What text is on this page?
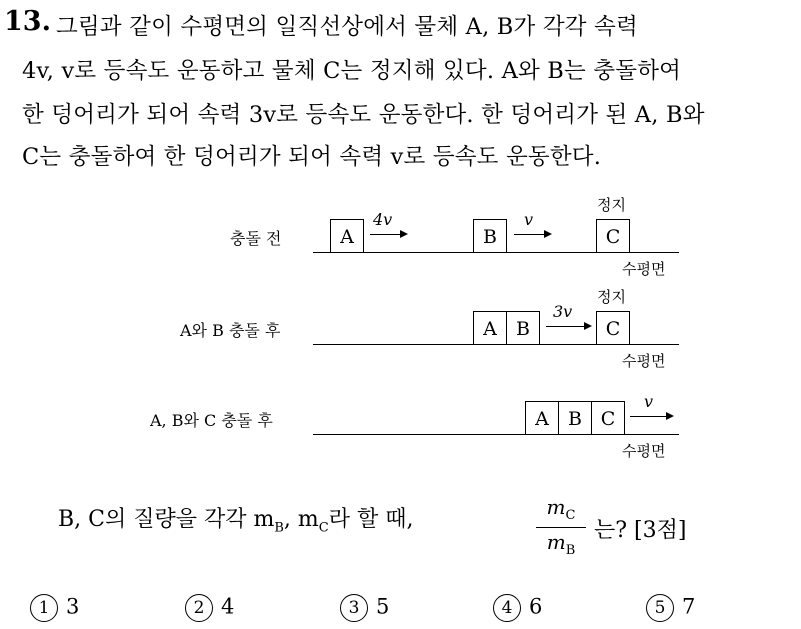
13. 그림과 같이 수평면의 일직선상에서 물체 A, B가 각각 속력
4v, v로 등속도 운동하고 물체 C는 정지해 있다. A와 B는 충돌하여
한 덩어리가 되어 속력 3v로 등속도 운동한다. 한 덩어리가 된 A, B와
C는 충돌하여 한 덩어리가 되어 속력 v로 등속도 운동한다.
충돌 전	A
4v
B
v
정지
C
수평면
A와 B 충돌 후	A	B
3v
정지
C
수평면
A, B와 C 충돌 후	A	B C
v
수평면
B, C의 질량을 각각 $m_B$, $m_C$라 할 때,	$m_C$
$m_B$
는? [3점]
1 3	2 4	3 5	4 6	5 7
